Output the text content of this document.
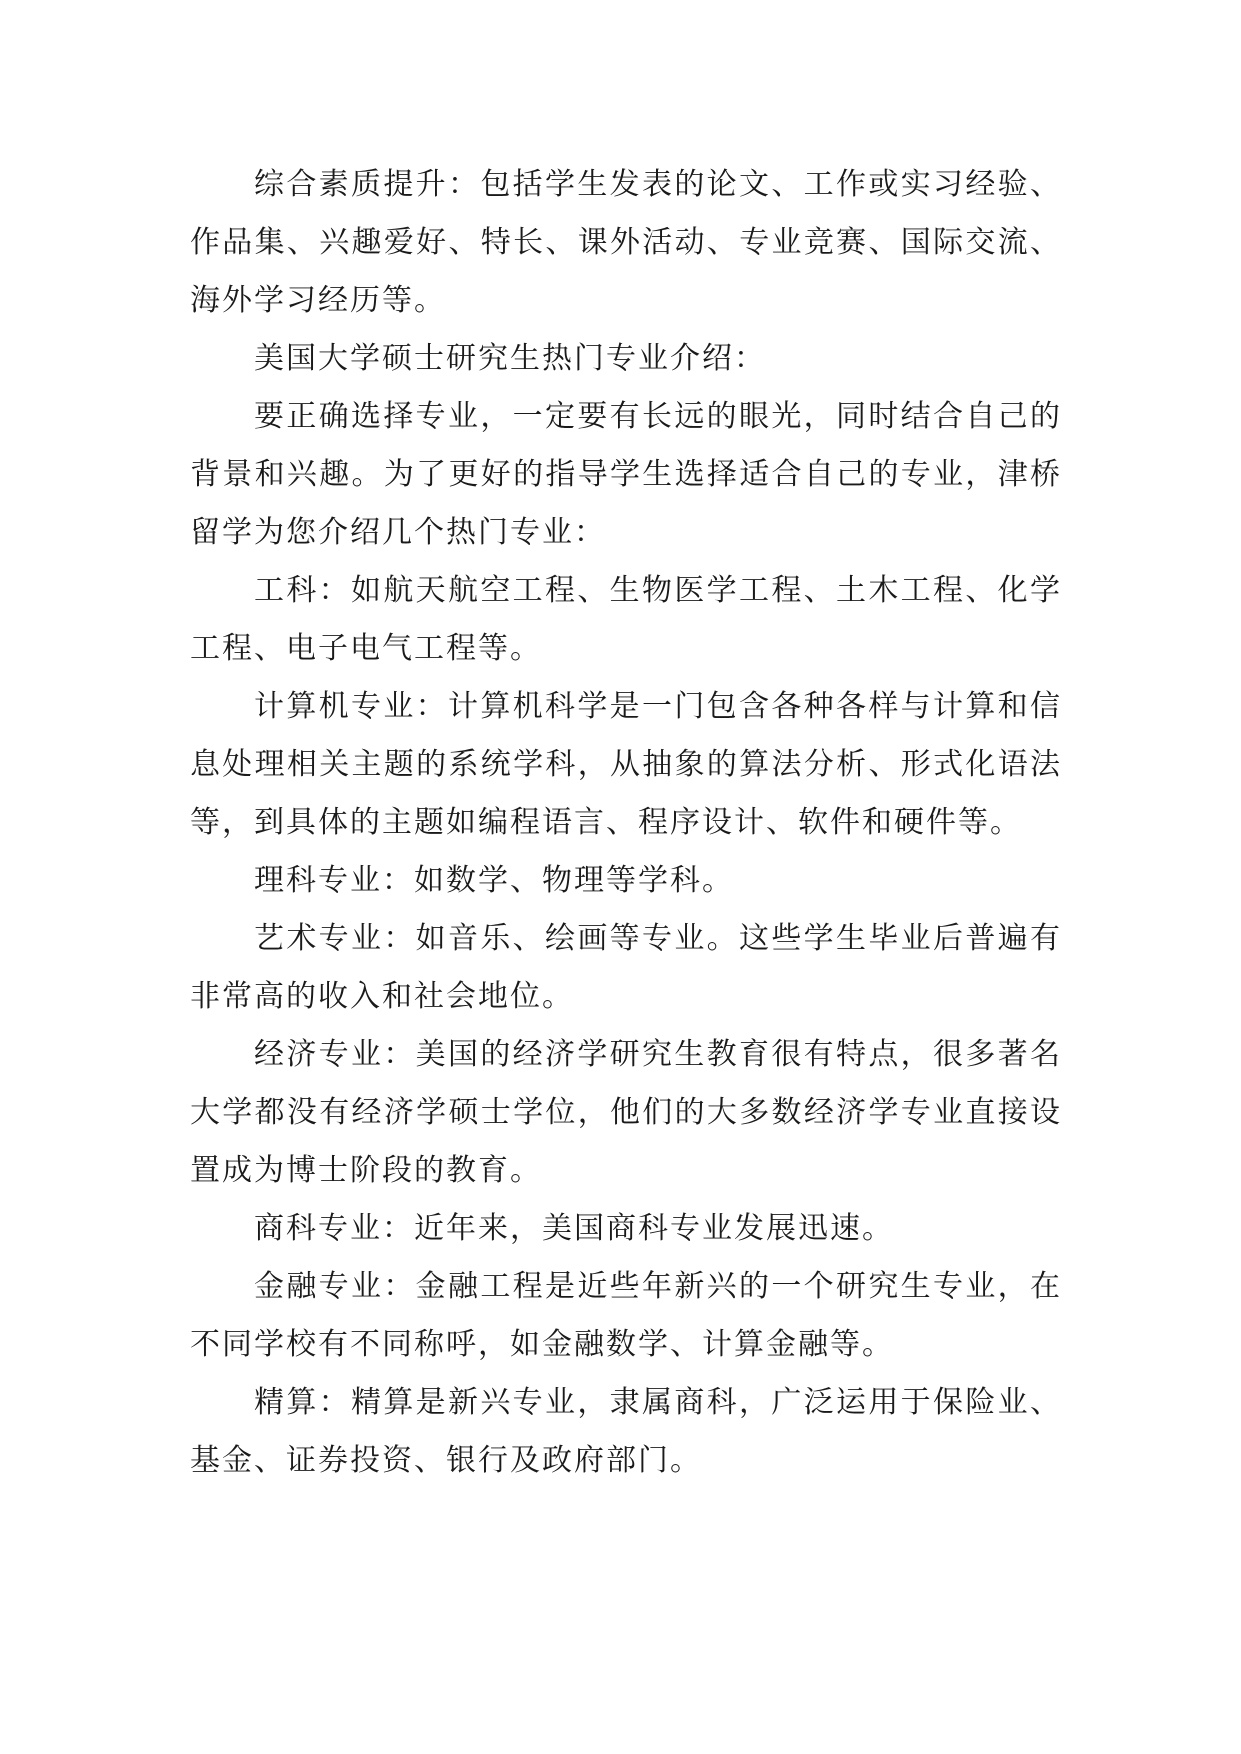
综合素质提升：包括学生发表的论文、工作或实习经验、作品集、兴趣爱好、特长、课外活动、专业竞赛、国际交流、海外学习经历等。

美国大学硕士研究生热门专业介绍：

要正确选择专业，一定要有长远的眼光，同时结合自己的背景和兴趣。为了更好的指导学生选择适合自己的专业，津桥留学为您介绍几个热门专业：

工科：如航天航空工程、生物医学工程、土木工程、化学工程、电子电气工程等。

计算机专业：计算机科学是一门包含各种各样与计算和信息处理相关主题的系统学科，从抽象的算法分析、形式化语法等，到具体的主题如编程语言、程序设计、软件和硬件等。

理科专业：如数学、物理等学科。

艺术专业：如音乐、绘画等专业。这些学生毕业后普遍有非常高的收入和社会地位。

经济专业：美国的经济学研究生教育很有特点，很多著名大学都没有经济学硕士学位，他们的大多数经济学专业直接设置成为博士阶段的教育。

商科专业：近年来，美国商科专业发展迅速。

金融专业：金融工程是近些年新兴的一个研究生专业，在不同学校有不同称呼，如金融数学、计算金融等。

精算：精算是新兴专业，隶属商科，广泛运用于保险业、基金、证券投资、银行及政府部门。
